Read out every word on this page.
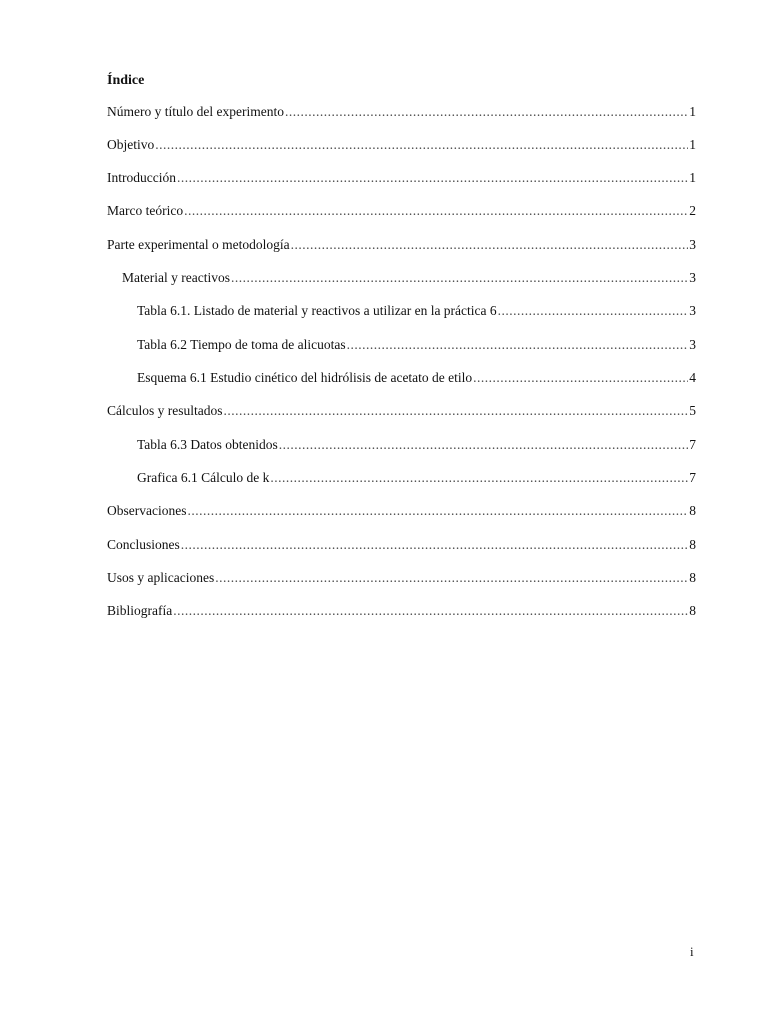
Índice
Número y título del experimento .....	1
Objetivo .....	1
Introducción .....	1
Marco teórico .....	2
Parte experimental o metodología .....	3
Material y reactivos .....	3
Tabla 6.1. Listado de material y reactivos a utilizar en la práctica 6 .....	3
Tabla 6.2 Tiempo de toma de alicuotas .....	3
Esquema 6.1 Estudio cinético del hidrólisis de acetato de etilo .....	4
Cálculos y resultados .....	5
Tabla 6.3 Datos obtenidos .....	7
Grafica 6.1 Cálculo de k .....	7
Observaciones .....	8
Conclusiones .....	8
Usos y aplicaciones .....	8
Bibliografía .....	8
i
